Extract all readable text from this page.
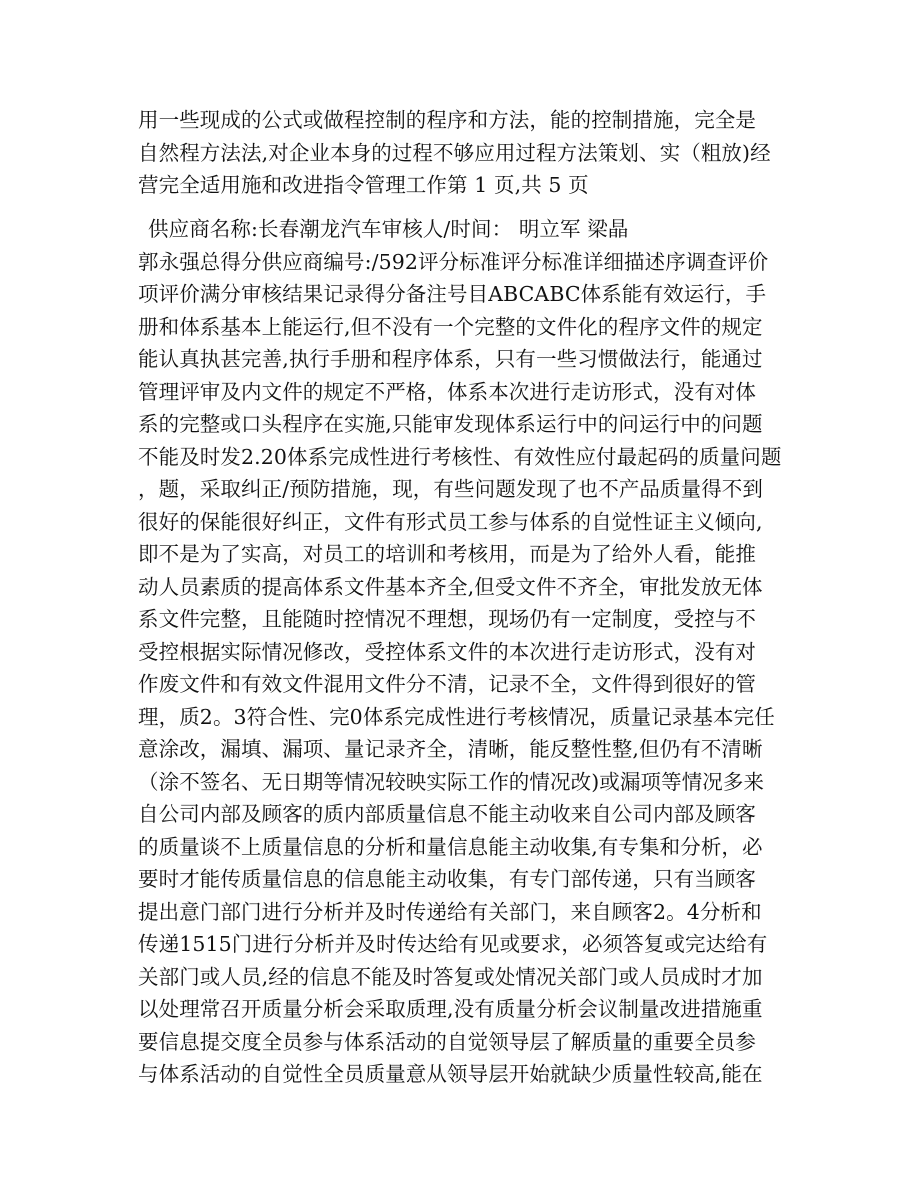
用一些现成的公式或做程控制的程序和方法，能的控制措施，完全是
自然程方法法,对企业本身的过程不够应用过程方法策划、实（粗放)经
营完全适用施和改进指令管理工作第 1 页,共 5 页
供应商名称:长春潮龙汽车审核人/时间： 明立军 梁晶
郭永强总得分供应商编号:/592评分标准评分标准详细描述序调查评价
项评价满分审核结果记录得分备注号目ABCABC体系能有效运行，手
册和体系基本上能运行,但不没有一个完整的文件化的程序文件的规定
能认真执甚完善,执行手册和程序体系，只有一些习惯做法行，能通过
管理评审及内文件的规定不严格，体系本次进行走访形式，没有对体
系的完整或口头程序在实施,只能审发现体系运行中的问运行中的问题
不能及时发2.20体系完成性进行考核性、有效性应付最起码的质量问题
，题，采取纠正/预防措施，现，有些问题发现了也不产品质量得不到
很好的保能很好纠正，文件有形式员工参与体系的自觉性证主义倾向,
即不是为了实高，对员工的培训和考核用，而是为了给外人看，能推
动人员素质的提高体系文件基本齐全,但受文件不齐全，审批发放无体
系文件完整，且能随时控情况不理想，现场仍有一定制度，受控与不
受控根据实际情况修改，受控体系文件的本次进行走访形式，没有对
作废文件和有效文件混用文件分不清，记录不全，文件得到很好的管
理，质2。3符合性、完0体系完成性进行考核情况，质量记录基本完任
意涂改，漏填、漏项、量记录齐全，清晰，能反整性整,但仍有不清晰
（涂不签名、无日期等情况较映实际工作的情况改)或漏项等情况多来
自公司内部及顾客的质内部质量信息不能主动收来自公司内部及顾客
的质量谈不上质量信息的分析和量信息能主动收集,有专集和分析，必
要时才能传质量信息的信息能主动收集，有专门部传递，只有当顾客
提出意门部门进行分析并及时传递给有关部门，来自顾客2。4分析和
传递1515门进行分析并及时传达给有见或要求，必须答复或完达给有
关部门或人员,经的信息不能及时答复或处情况关部门或人员成时才加
以处理常召开质量分析会采取质理,没有质量分析会议制量改进措施重
要信息提交度全员参与体系活动的自觉领导层了解质量的重要全员参
与体系活动的自觉性全员质量意从领导层开始就缺少质量性较高,能在
